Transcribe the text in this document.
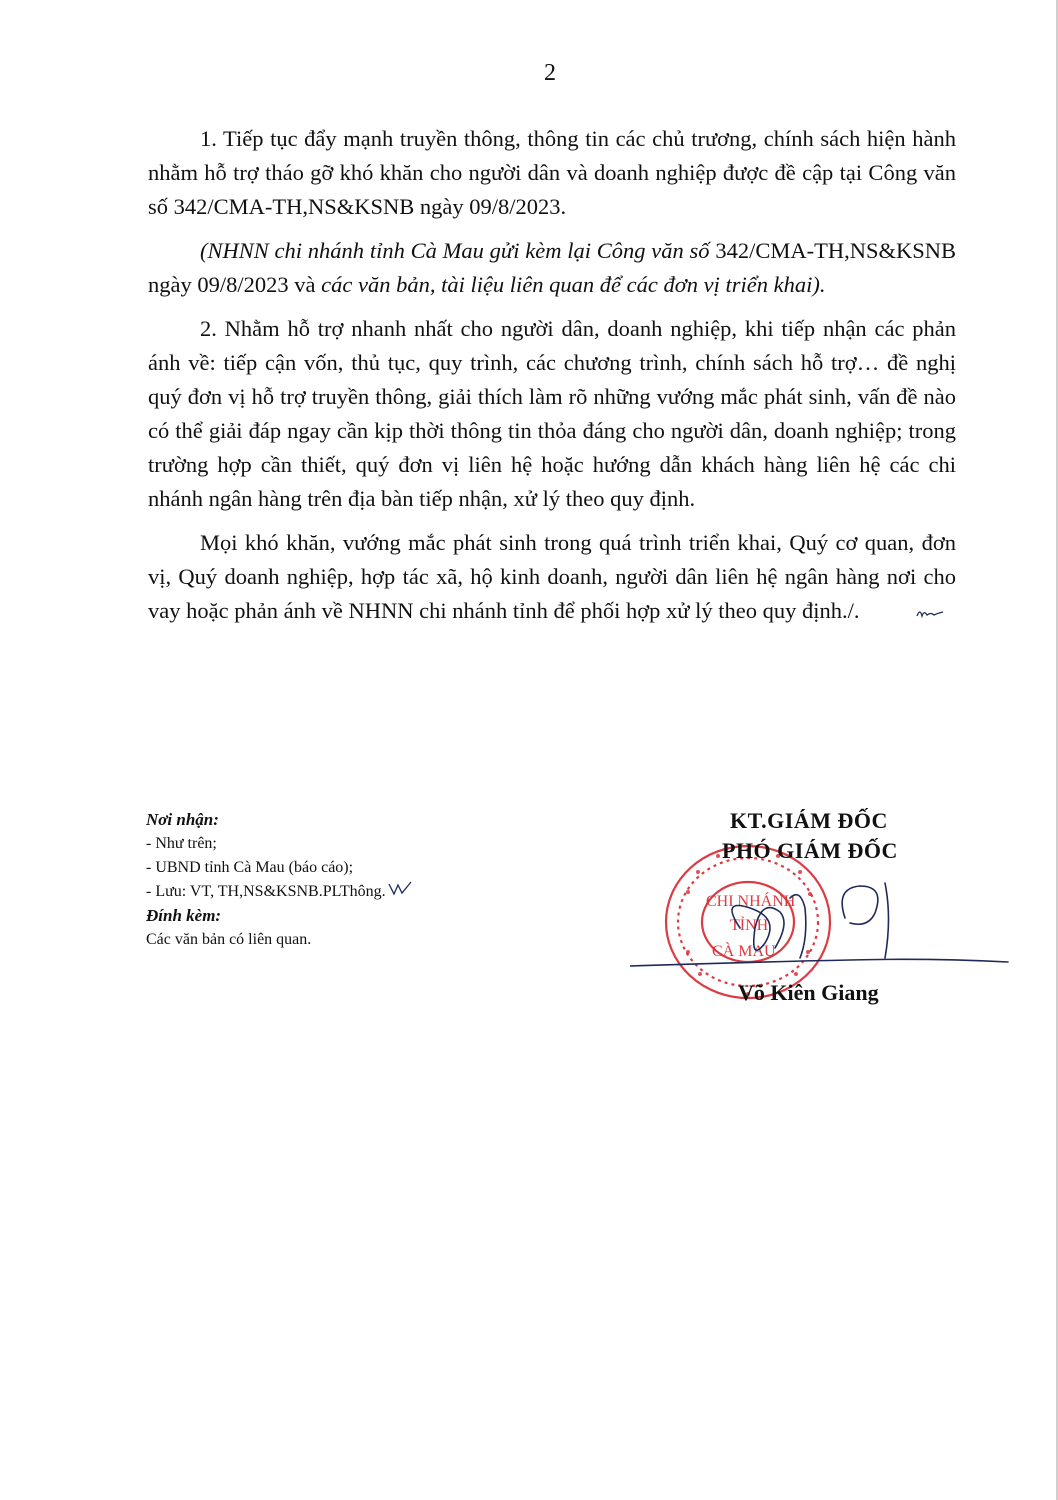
2

1. Tiếp tục đẩy mạnh truyền thông, thông tin các chủ trương, chính sách hiện hành nhằm hỗ trợ tháo gỡ khó khăn cho người dân và doanh nghiệp được đề cập tại Công văn số 342/CMA-TH,NS&KSNB ngày 09/8/2023.

(NHNN chi nhánh tỉnh Cà Mau gửi kèm lại Công văn số 342/CMA-TH,NS&KSNB ngày 09/8/2023 và các văn bản, tài liệu liên quan để các đơn vị triển khai).

2. Nhằm hỗ trợ nhanh nhất cho người dân, doanh nghiệp, khi tiếp nhận các phản ánh về: tiếp cận vốn, thủ tục, quy trình, các chương trình, chính sách hỗ trợ… đề nghị quý đơn vị hỗ trợ truyền thông, giải thích làm rõ những vướng mắc phát sinh, vấn đề nào có thể giải đáp ngay cần kịp thời thông tin thỏa đáng cho người dân, doanh nghiệp; trong trường hợp cần thiết, quý đơn vị liên hệ hoặc hướng dẫn khách hàng liên hệ các chi nhánh ngân hàng trên địa bàn tiếp nhận, xử lý theo quy định.

Mọi khó khăn, vướng mắc phát sinh trong quá trình triển khai, Quý cơ quan, đơn vị, Quý doanh nghiệp, hợp tác xã, hộ kinh doanh, người dân liên hệ ngân hàng nơi cho vay hoặc phản ánh về NHNN chi nhánh tỉnh để phối hợp xử lý theo quy định./.

Nơi nhận:
- Như trên;
- UBND tỉnh Cà Mau (báo cáo);
- Lưu: VT, TH,NS&KSNB.PLThông.
Đính kèm:
Các văn bản có liên quan.
CHI NHÁNH
TỈNH
CÀ MAU
KT.GIÁM ĐỐC
PHÓ GIÁM ĐỐC
Võ Kiên Giang
